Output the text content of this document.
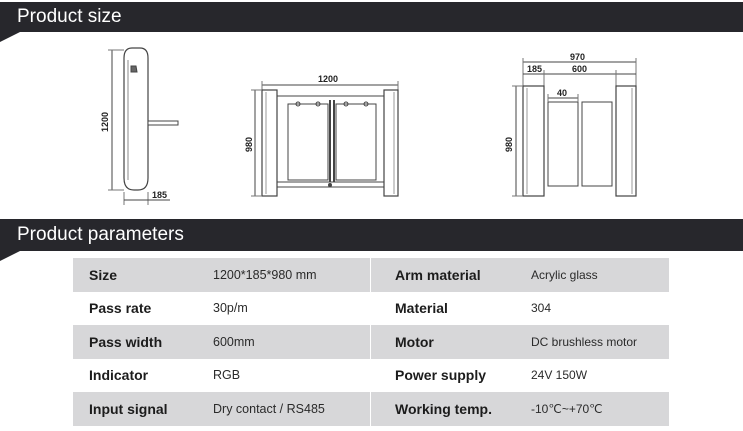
Product size
1200
185
1200
980
970
185	600
40
980
Product parameters
Size	1200*185*980 mm	Arm material	Acrylic glass
Pass rate	30p/m	Material	304
Pass width	600mm	Motor	DC brushless motor
Indicator	RGB	Power supply	24V 150W
Input signal	Dry contact / RS485	Working temp.	-10℃~+70℃
